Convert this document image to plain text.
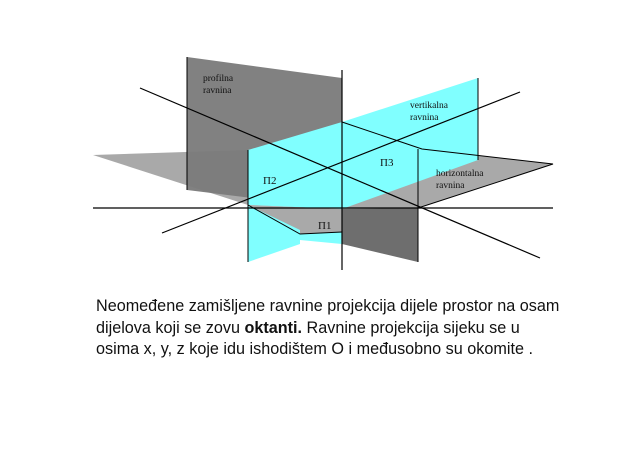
profilna
ravnina
vertikalna
ravnina
horizontalna
ravnina
Π3
Π2
Π1

Neomeđene zamišljene ravnine projekcija dijele prostor na osam dijelova koji se zovu oktanti. Ravnine projekcija sijeku se u osima x, y, z koje idu ishodištem O i međusobno su okomite .
